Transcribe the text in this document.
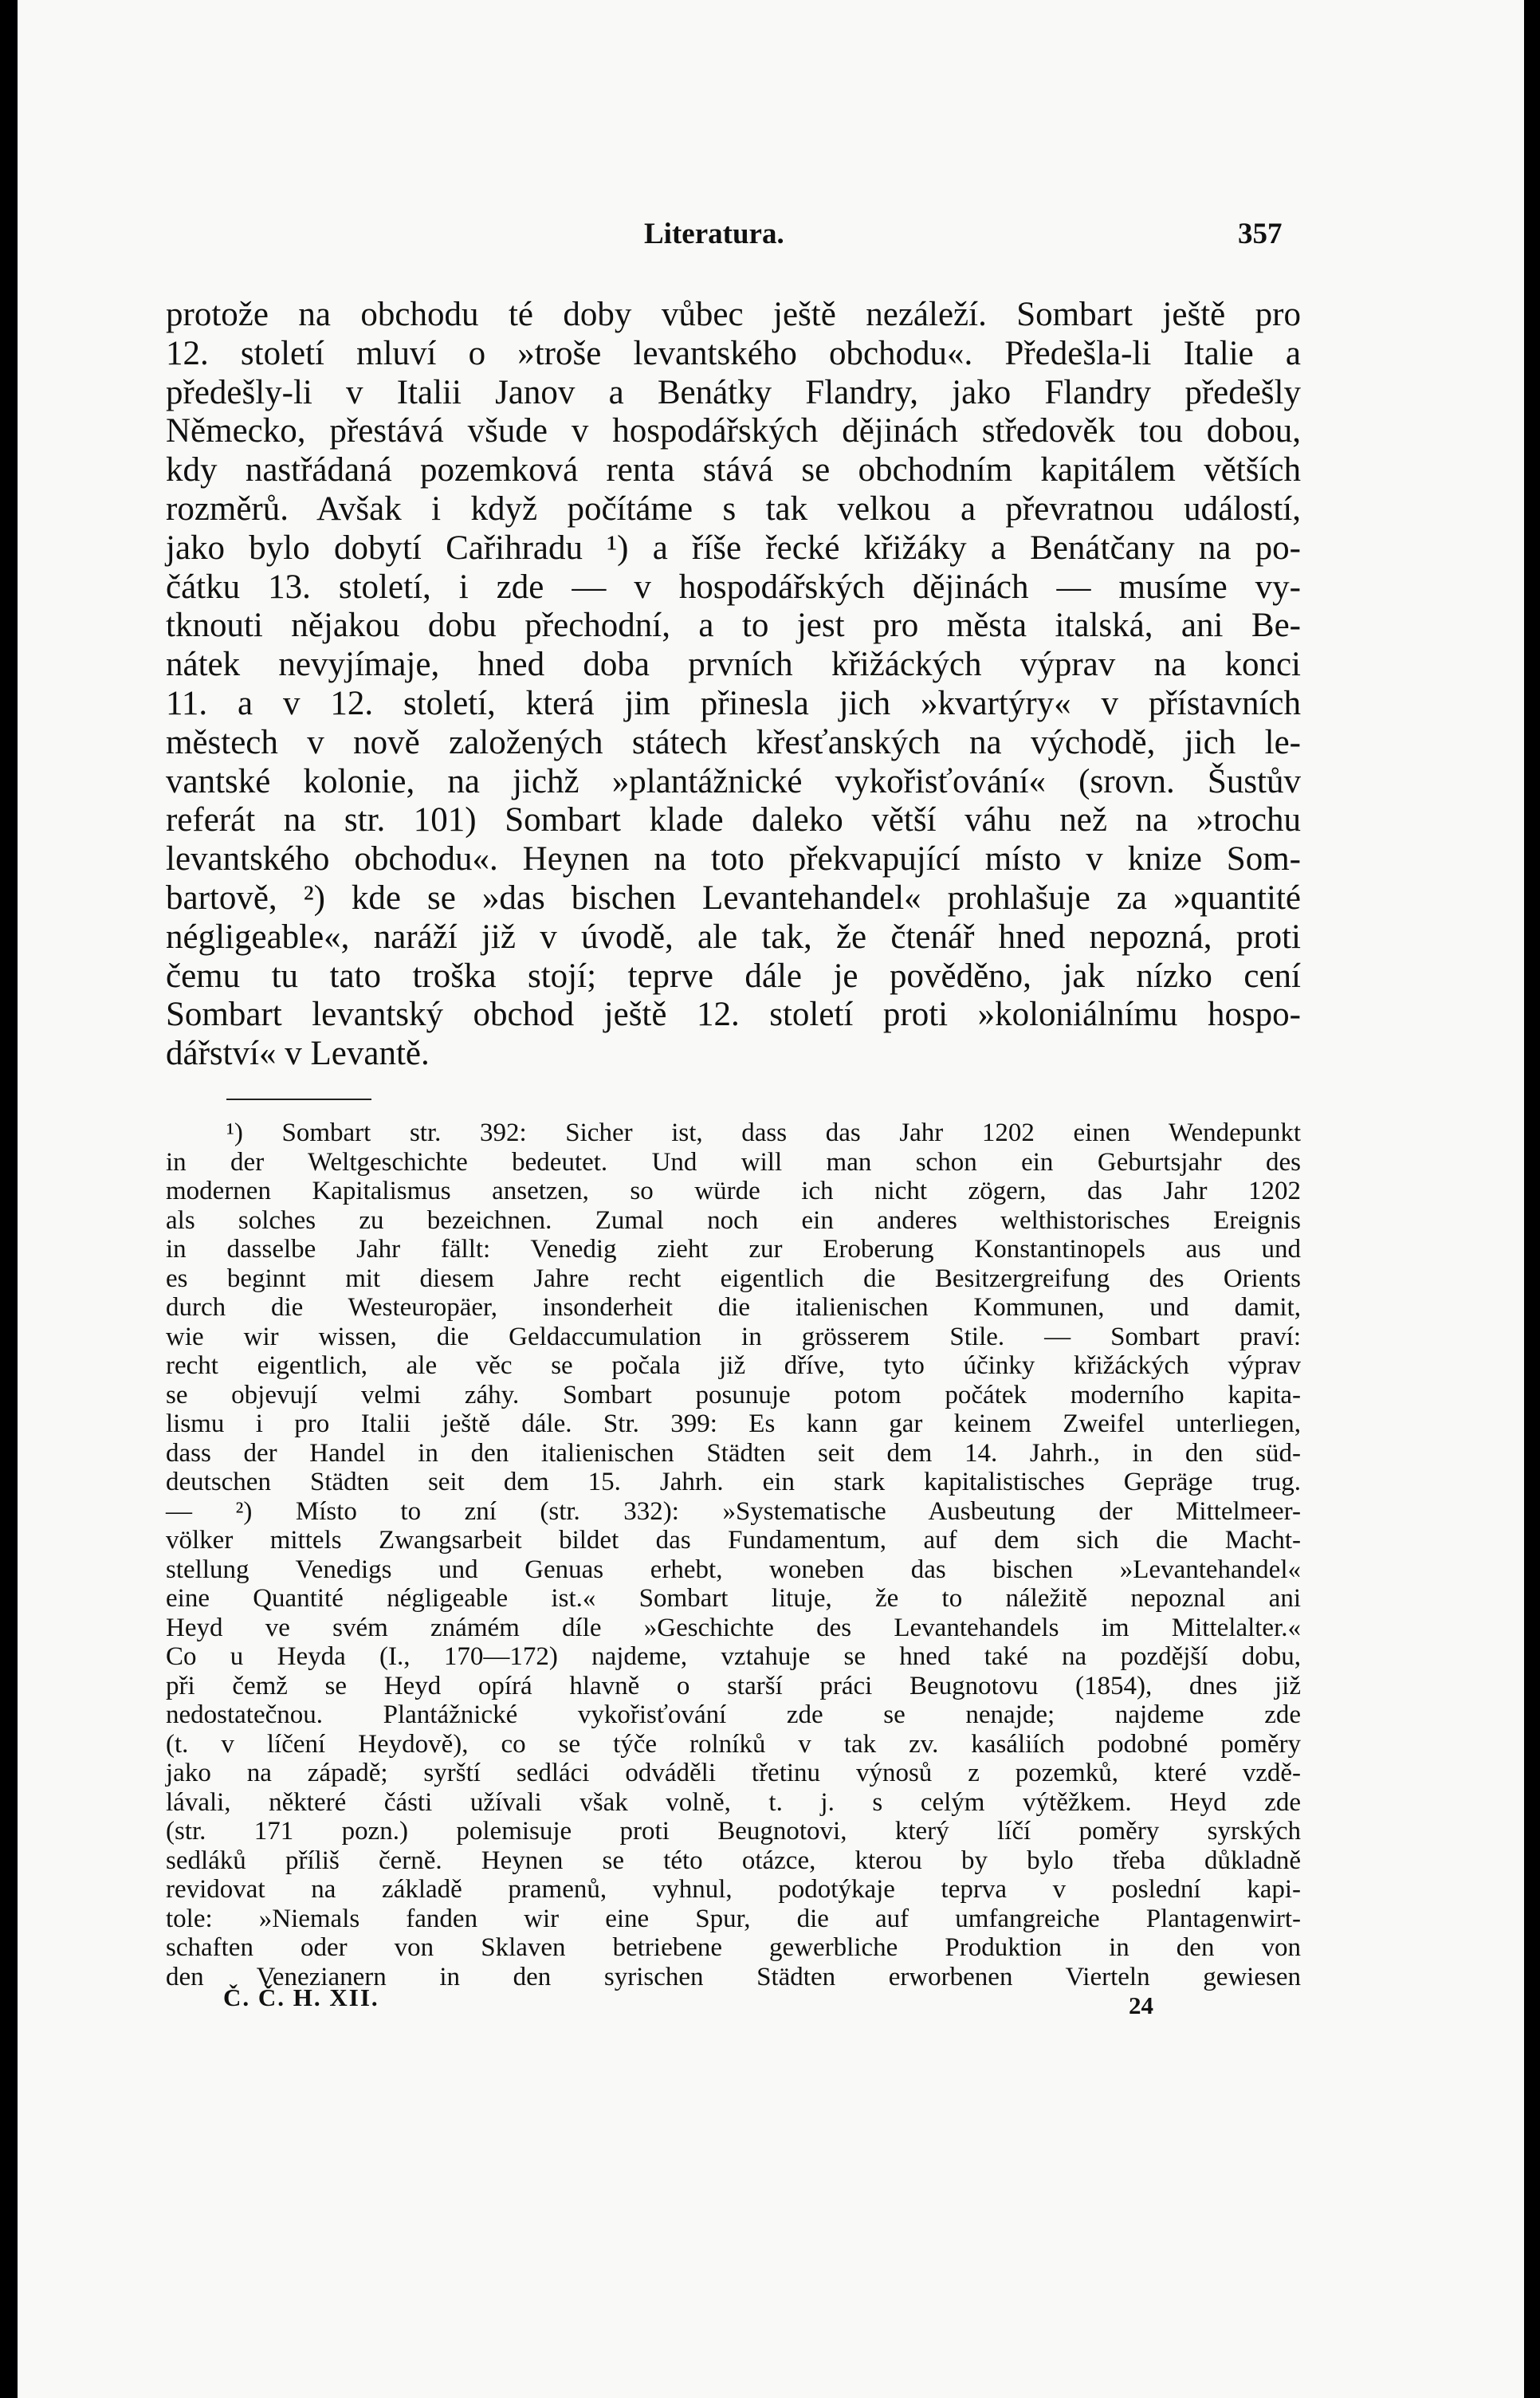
Literatura.	357
protože na obchodu té doby vůbec ještě nezáleží. Sombart ještě pro
12. století mluví o »troše levantského obchodu«. Předešla-li Italie a
předešly-li v Italii Janov a Benátky Flandry, jako Flandry předešly
Německo, přestává všude v hospodářských dějinách středověk tou dobou,
kdy nastřádaná pozemková renta stává se obchodním kapitálem větších
rozměrů. Avšak i když počítáme s tak velkou a převratnou událostí,
jako bylo dobytí Cařihradu ¹) a říše řecké křižáky a Benátčany na po-
čátku 13. století, i zde — v hospodářských dějinách — musíme vy-
tknouti nějakou dobu přechodní, a to jest pro města italská, ani Be-
nátek nevyjímaje, hned doba prvních křižáckých výprav na konci
11. a v 12. století, která jim přinesla jich »kvartýry« v přístavních
městech v nově založených státech křesťanských na východě, jich le-
vantské kolonie, na jichž »plantážnické vykořisťování« (srovn. Šustův
referát na str. 101) Sombart klade daleko větší váhu než na »trochu
levantského obchodu«. Heynen na toto překvapující místo v knize Som-
bartově, ²) kde se »das bischen Levantehandel« prohlašuje za »quantité
négligeable«, naráží již v úvodě, ale tak, že čtenář hned nepozná, proti
čemu tu tato troška stojí; teprve dále je pověděno, jak nízko cení
Sombart levantský obchod ještě 12. století proti »koloniálnímu hospo-
dářství« v Levantě.
¹) Sombart str. 392: Sicher ist, dass das Jahr 1202 einen Wendepunkt
in der Weltgeschichte bedeutet. Und will man schon ein Geburtsjahr des
modernen Kapitalismus ansetzen, so würde ich nicht zögern, das Jahr 1202
als solches zu bezeichnen. Zumal noch ein anderes welthistorisches Ereignis
in dasselbe Jahr fällt: Venedig zieht zur Eroberung Konstantinopels aus und
es beginnt mit diesem Jahre recht eigentlich die Besitzergreifung des Orients
durch die Westeuropäer, insonderheit die italienischen Kommunen, und damit,
wie wir wissen, die Geldaccumulation in grösserem Stile. — Sombart praví:
recht eigentlich, ale věc se počala již dříve, tyto účinky křižáckých výprav
se objevují velmi záhy. Sombart posunuje potom počátek moderního kapita-
lismu i pro Italii ještě dále. Str. 399: Es kann gar keinem Zweifel unterliegen,
dass der Handel in den italienischen Städten seit dem 14. Jahrh., in den süd-
deutschen Städten seit dem 15. Jahrh. ein stark kapitalistisches Gepräge trug.
— ²) Místo to zní (str. 332): »Systematische Ausbeutung der Mittelmeer-
völker mittels Zwangsarbeit bildet das Fundamentum, auf dem sich die Macht-
stellung Venedigs und Genuas erhebt, woneben das bischen »Levantehandel«
eine Quantité négligeable ist.« Sombart lituje, že to náležitě nepoznal ani
Heyd ve svém známém díle »Geschichte des Levantehandels im Mittelalter.«
Co u Heyda (I., 170—172) najdeme, vztahuje se hned také na pozdější dobu,
při čemž se Heyd opírá hlavně o starší práci Beugnotovu (1854), dnes již
nedostatečnou. Plantážnické vykořisťování zde se nenajde; najdeme zde
(t. v líčení Heydově), co se týče rolníků v tak zv. kasáliích podobné poměry
jako na západě; syrští sedláci odváděli třetinu výnosů z pozemků, které vzdě-
lávali, některé části užívali však volně, t. j. s celým výtěžkem. Heyd zde
(str. 171 pozn.) polemisuje proti Beugnotovi, který líčí poměry syrských
sedláků příliš černě. Heynen se této otázce, kterou by bylo třeba důkladně
revidovat na základě pramenů, vyhnul, podotýkaje teprva v poslední kapi-
tole: »Niemals fanden wir eine Spur, die auf umfangreiche Plantagenwirt-
schaften oder von Sklaven betriebene gewerbliche Produktion in den von
den Venezianern in den syrischen Städten erworbenen Vierteln gewiesen
Č. Č. H. XII.	24
